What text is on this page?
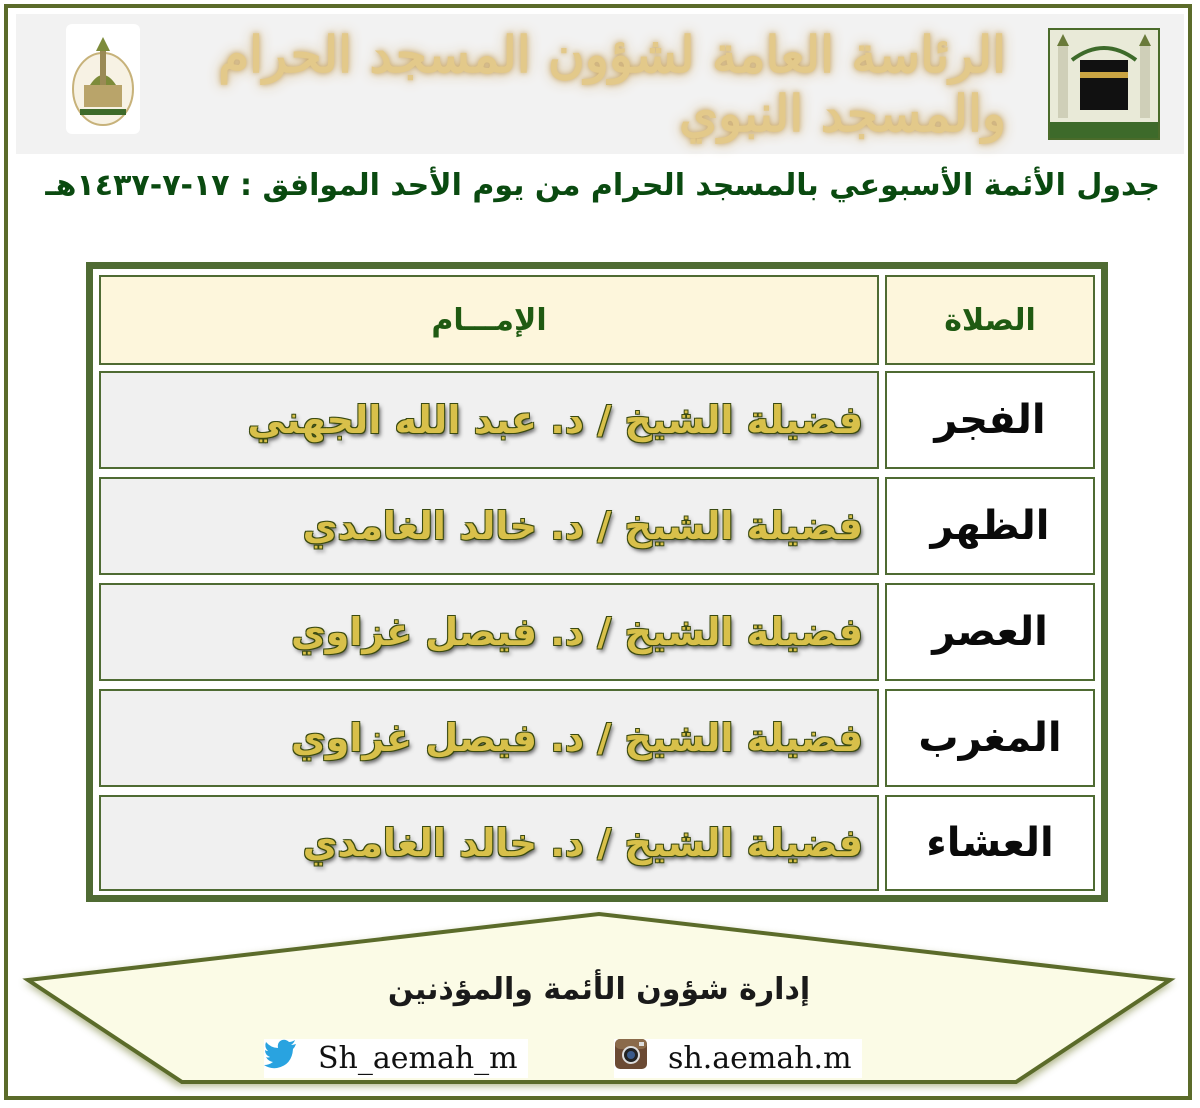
الرئاسة العامة لشؤون المسجد الحرام والمسجد النبوي
جدول الأئمة الأسبوعي بالمسجد الحرام من يوم الأحد الموافق : ١٧-٧-١٤٣٧هـ
الصلاة
الإمـــام
الفجر
فضيلة الشيخ / د. عبد الله الجهني
الظهر
فضيلة الشيخ / د. خالد الغامدي
العصر
فضيلة الشيخ / د. فيصل غزاوي
المغرب
فضيلة الشيخ / د. فيصل غزاوي
العشاء
فضيلة الشيخ / د. خالد الغامدي
إدارة شؤون الأئمة والمؤذنين
Sh_aemah_m	sh.aemah.m
